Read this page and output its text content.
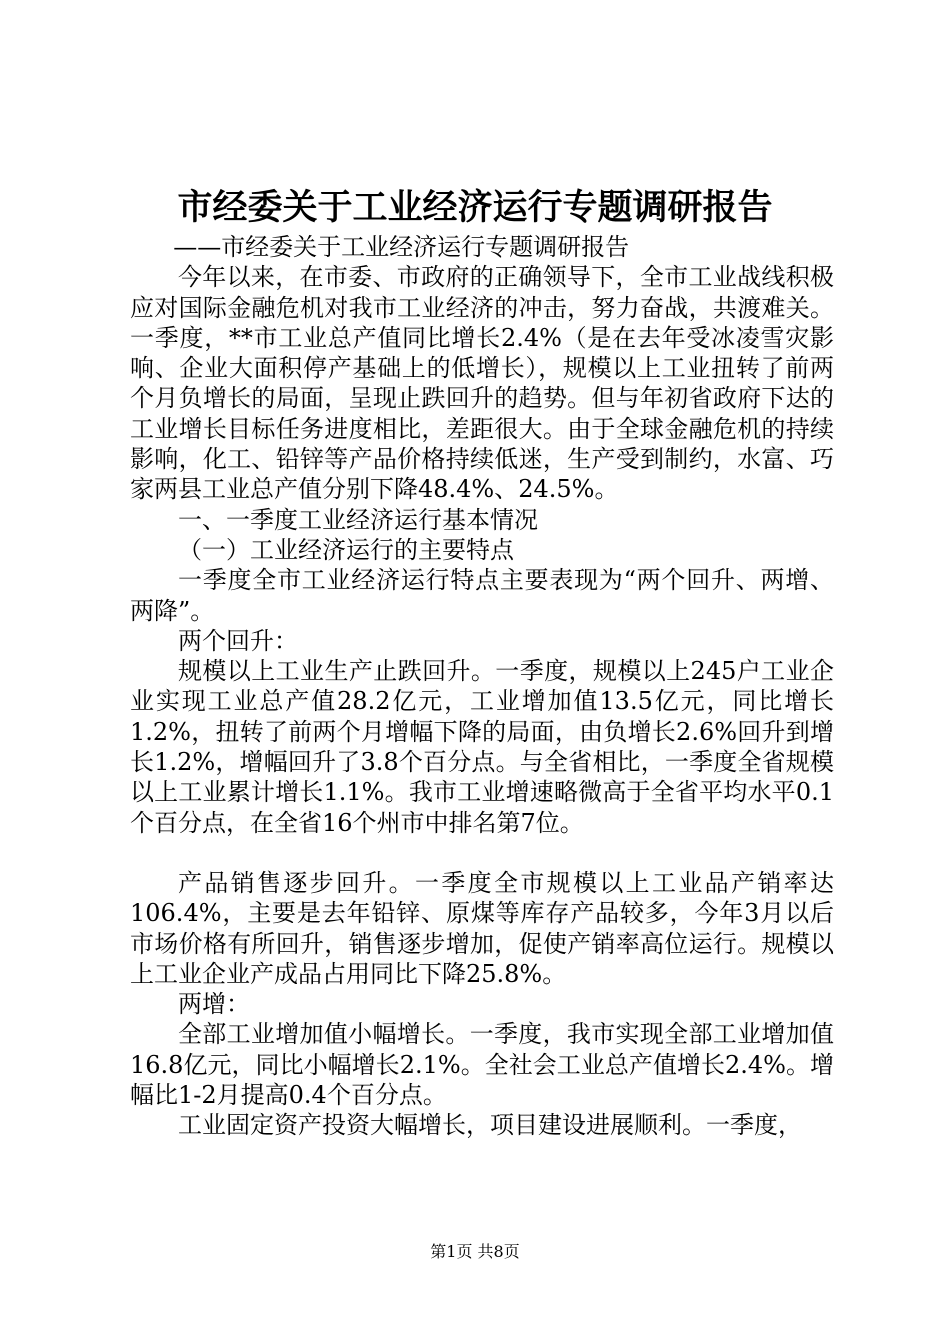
市经委关于工业经济运行专题调研报告

——市经委关于工业经济运行专题调研报告

今年以来，在市委、市政府的正确领导下，全市工业战线积极应对国际金融危机对我市工业经济的冲击，努力奋战，共渡难关。一季度，**市工业总产值同比增长2.4%（是在去年受冰凌雪灾影响、企业大面积停产基础上的低增长），规模以上工业扭转了前两个月负增长的局面，呈现止跌回升的趋势。但与年初省政府下达的工业增长目标任务进度相比，差距很大。由于全球金融危机的持续影响，化工、铅锌等产品价格持续低迷，生产受到制约，水富、巧家两县工业总产值分别下降48.4%、24.5%。

一、一季度工业经济运行基本情况

（一）工业经济运行的主要特点

一季度全市工业经济运行特点主要表现为“两个回升、两增、两降”。

两个回升：

规模以上工业生产止跌回升。一季度，规模以上245户工业企业实现工业总产值28.2亿元，工业增加值13.5亿元，同比增长1.2%，扭转了前两个月增幅下降的局面，由负增长2.6%回升到增长1.2%，增幅回升了3.8个百分点。与全省相比，一季度全省规模以上工业累计增长1.1%。我市工业增速略微高于全省平均水平0.1个百分点，在全省16个州市中排名第7位。

产品销售逐步回升。一季度全市规模以上工业品产销率达106.4%，主要是去年铅锌、原煤等库存产品较多，今年3月以后市场价格有所回升，销售逐步增加，促使产销率高位运行。规模以上工业企业产成品占用同比下降25.8%。

两增：

全部工业增加值小幅增长。一季度，我市实现全部工业增加值16.8亿元，同比小幅增长2.1%。全社会工业总产值增长2.4%。增幅比1-2月提高0.4个百分点。

工业固定资产投资大幅增长，项目建设进展顺利。一季度，

第1页 共8页
